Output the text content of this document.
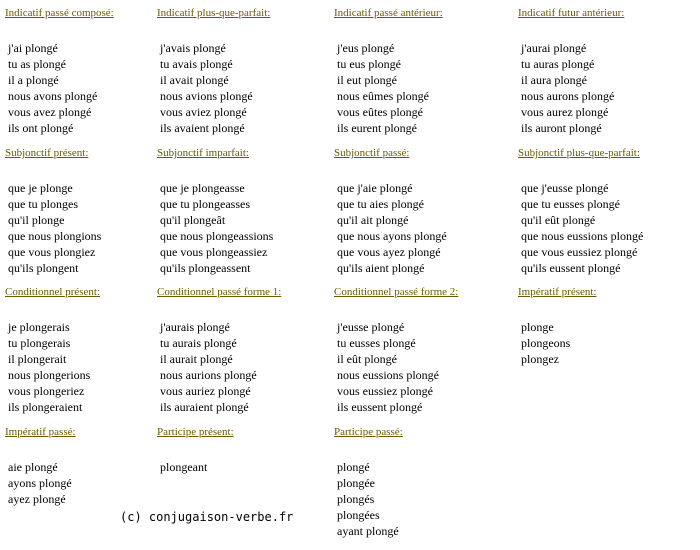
Indicatif passé composé:
j'ai plongé
tu as plongé
il a plongé
nous avons plongé
vous avez plongé
ils ont plongé
Indicatif plus-que-parfait:
j'avais plongé
tu avais plongé
il avait plongé
nous avions plongé
vous aviez plongé
ils avaient plongé
Indicatif passé antérieur:
j'eus plongé
tu eus plongé
il eut plongé
nous eûmes plongé
vous eûtes plongé
ils eurent plongé
Indicatif futur antérieur:
j'aurai plongé
tu auras plongé
il aura plongé
nous aurons plongé
vous aurez plongé
ils auront plongé
Subjonctif présent:
que je plonge
que tu plonges
qu'il plonge
que nous plongions
que vous plongiez
qu'ils plongent
Subjonctif imparfait:
que je plongeasse
que tu plongeasses
qu'il plongeât
que nous plongeassions
que vous plongeassiez
qu'ils plongeassent
Subjonctif passé:
que j'aie plongé
que tu aies plongé
qu'il ait plongé
que nous ayons plongé
que vous ayez plongé
qu'ils aient plongé
Subjonctif plus-que-parfait:
que j'eusse plongé
que tu eusses plongé
qu'il eût plongé
que nous eussions plongé
que vous eussiez plongé
qu'ils eussent plongé
Conditionnel présent:
je plongerais
tu plongerais
il plongerait
nous plongerions
vous plongeriez
ils plongeraient
Conditionnel passé forme 1:
j'aurais plongé
tu aurais plongé
il aurait plongé
nous aurions plongé
vous auriez plongé
ils auraient plongé
Conditionnel passé forme 2:
j'eusse plongé
tu eusses plongé
il eût plongé
nous eussions plongé
vous eussiez plongé
ils eussent plongé
Impératif présent:
plonge
plongeons
plongez
Impératif passé:
aie plongé
ayons plongé
ayez plongé
Participe présent:
plongeant
Participe passé:
plongé
plongée
plongés
plongées
ayant plongé
(c) conjugaison-verbe.fr
